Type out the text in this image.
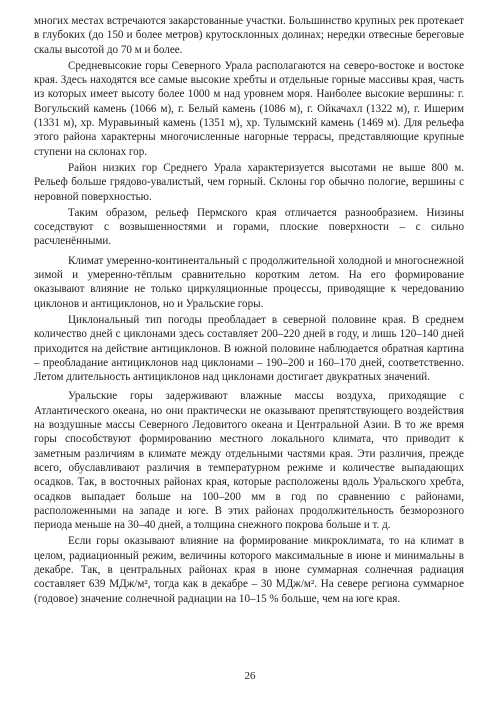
многих местах встречаются закарстованные участки. Большинство крупных рек протекает в глубоких (до 150 и более метров) крутосклонных долинах; нередки отвесные береговые скалы высотой до 70 м и более.

Средневысокие горы Северного Урала располагаются на северо-востоке и востоке края. Здесь находятся все самые высокие хребты и отдельные горные массивы края, часть из которых имеет высоту более 1000 м над уровнем моря. Наиболее высокие вершины: г. Вогульский камень (1066 м), г. Белый камень (1086 м), г. Ойкачахл (1322 м), г. Ишерим (1331 м), хр. Муравьиный камень (1351 м), хр. Тулымский камень (1469 м). Для рельефа этого района характерны многочисленные нагорные террасы, представляющие крупные ступени на склонах гор.

Район низких гор Среднего Урала характеризуется высотами не выше 800 м. Рельеф больше грядово-увалистый, чем горный. Склоны гор обычно пологие, вершины с неровной поверхностью.

Таким образом, рельеф Пермского края отличается разнообразием. Низины соседствуют с возвышенностями и горами, плоские поверхности – с сильно расчленёнными.

Климат умеренно-континентальный с продолжительной холодной и многоснежной зимой и умеренно-тёплым сравнительно коротким летом. На его формирование оказывают влияние не только циркуляционные процессы, приводящие к чередованию циклонов и антициклонов, но и Уральские горы.

Циклональный тип погоды преобладает в северной половине края. В среднем количество дней с циклонами здесь составляет 200–220 дней в году, и лишь 120–140 дней приходится на действие антициклонов. В южной половине наблюдается обратная картина – преобладание антициклонов над циклонами – 190–200 и 160–170 дней, соответственно. Летом длительность антициклонов над циклонами достигает двукратных значений.

Уральские горы задерживают влажные массы воздуха, приходящие с Атлантического океана, но они практически не оказывают препятствующего воздействия на воздушные массы Северного Ледовитого океана и Центральной Азии. В то же время горы способствуют формированию местного локального климата, что приводит к заметным различиям в климате между отдельными частями края. Эти различия, прежде всего, обуславливают различия в температурном режиме и количестве выпадающих осадков. Так, в восточных районах края, которые расположены вдоль Уральского хребта, осадков выпадает больше на 100–200 мм в год по сравнению с районами, расположенными на западе и юге. В этих районах продолжительность безморозного периода меньше на 30–40 дней, а толщина снежного покрова больше и т. д.

Если горы оказывают влияние на формирование микроклимата, то на климат в целом, радиационный режим, величины которого максимальные в июне и минимальны в декабре. Так, в центральных районах края в июне суммарная солнечная радиация составляет 639 МДж/м², тогда как в декабре – 30 МДж/м². На севере региона суммарное (годовое) значение солнечной радиации на 10–15 % больше, чем на юге края.

26
